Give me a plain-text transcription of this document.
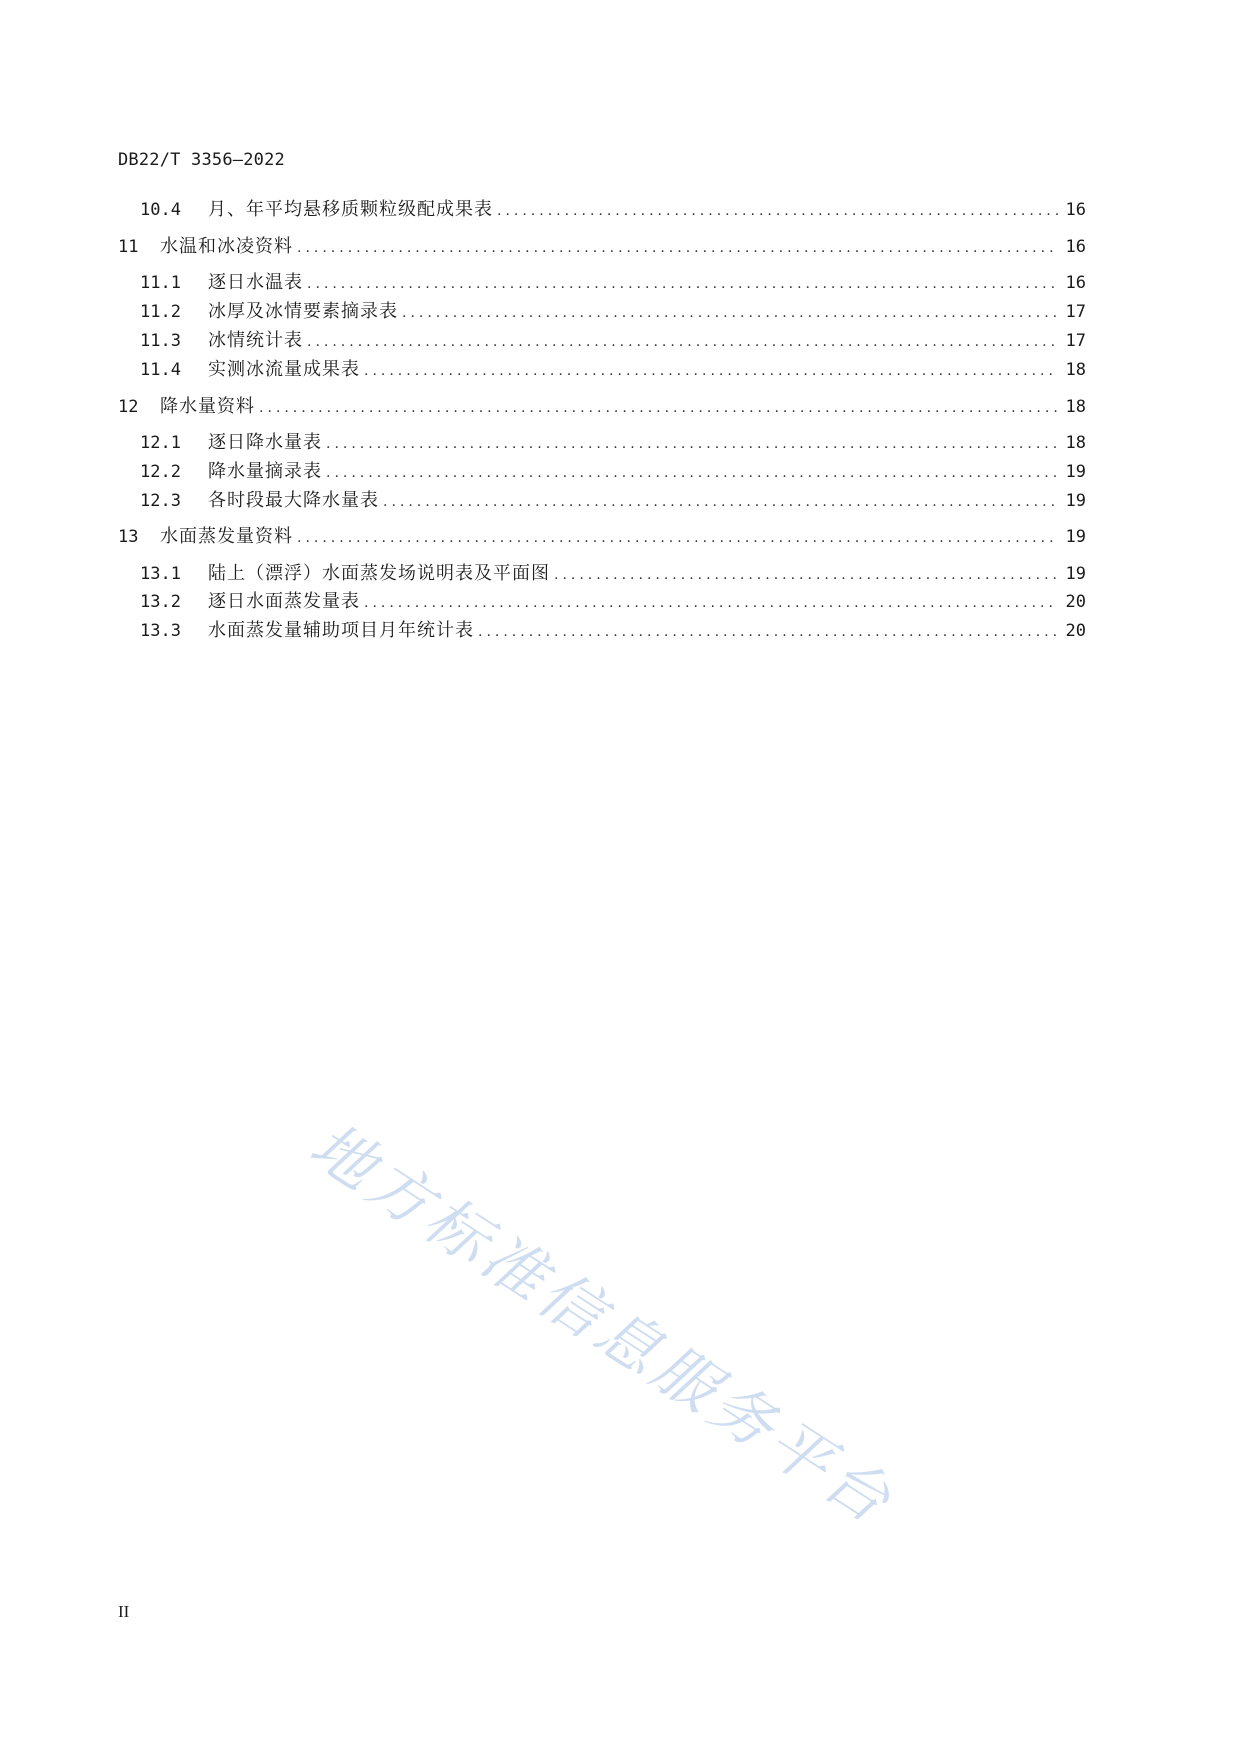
DB22/T 3356—2022
10.4	月、年平均悬移质颗粒级配成果表 .....	16
11	水温和冰凌资料 .....	16
11.1	逐日水温表 .....	16
11.2	冰厚及冰情要素摘录表 .....	17
11.3	冰情统计表 .....	17
11.4	实测冰流量成果表 .....	18
12	降水量资料 .....	18
12.1	逐日降水量表 .....	18
12.2	降水量摘录表 .....	19
12.3	各时段最大降水量表 .....	19
13	水面蒸发量资料 .....	19
13.1	陆上（漂浮）水面蒸发场说明表及平面图 .....	19
13.2	逐日水面蒸发量表 .....	20
13.3	水面蒸发量辅助项目月年统计表 .....	20
地方标准信息服务平台
II
